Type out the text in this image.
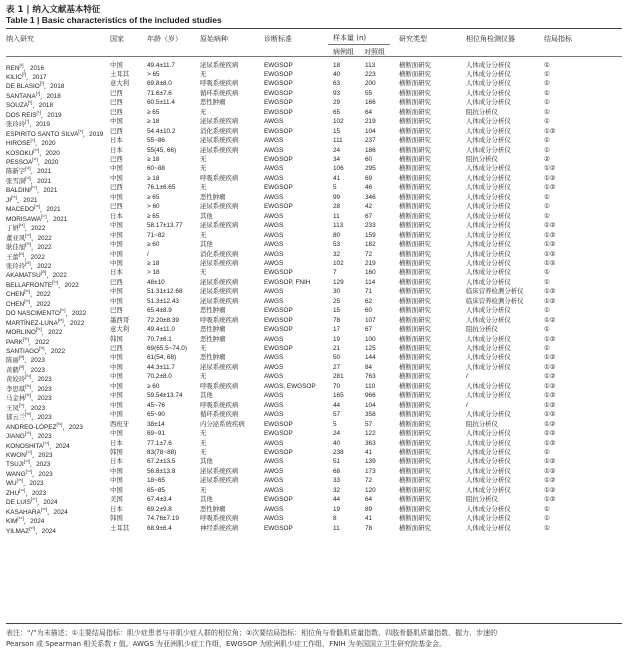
表 1 | 纳入文献基本特征
Table 1 | Basic characteristics of the included studies
纳入研究	国家	年龄（岁）	原始病种	诊断标准	样本量 (n)
病例组 对照组
研究类型	相位角检测仪器	结局指标
REN[¹]，2016	中国	49.4±11.7	泌尿系统疾病	EWGSOP	18	113	横断面研究	人体成分分析仪	①
KILIC[²]，2017	土耳其	> 65	无	EWGSOP	40	223	横断面研究	人体成分分析仪	①
DE BLASIO[³]，2018	意大利	69.8±8.0	呼吸系统疾病	EWGSOP	63	200	横断面研究	人体成分分析仪	①
SANTANA[⁴]，2018	巴西	71.6±7.6	循环系统疾病	EWGSOP	93	55	横断面研究	人体成分分析仪	①
SOUZA[⁵]，2018	巴西	60.5±11.4	恶性肿瘤	EWGSOP	29	166	横断面研究	人体成分分析仪	①
DOS REIS[⁶]，2019	巴西	≥ 65	无	EWGSOP	65	64	横断面研究	阻抗分析仪	①
张玲玲[⁷]，2019	中国	≥ 18	泌尿系统疾病	AWGS	102	219	横断面研究	人体成分分析仪	①
ESPIRITO SANTO SILVA[⁸]，2019 巴西	54.4±10.2	消化系统疾病	EWGSOP	15	104	横断面研究	人体成分分析仪	①②
HIROSE[⁹]，2020	日本	55~86	泌尿系统疾病	AWGS	111	237	横断面研究	人体成分分析仪	①
KOSOKU[¹⁰]，2020	日本	55(45, 66)	泌尿系统疾病	AWGS	24	186	横断面研究	人体成分分析仪	①
PESSOA[¹¹]，2020	巴西	≥ 18	无	EWGSOP	34	60	横断面研究	阻抗分析仪	②
陈新宇[¹²]，2021	中国	60~88	无	AWGS	106	295	横断面研究	人体成分分析仪	①②
张雪洞[¹³]，2021	中国	≥ 18	呼吸系统疾病	AWGS	41	69	横断面研究	人体成分分析仪	①②
BALDINI[¹⁴]，2021	巴西	76.1±6.65	无	EWGSOP	5	46	横断面研究	人体成分分析仪	①②
JI[¹⁵]，2021	中国	≥ 65	恶性肿瘤	AWGS	99	346	横断面研究	人体成分分析仪	①
MACEDO[¹⁶]，2021	巴西	> 60	泌尿系统疾病	EWGSOP	28	42	横断面研究	人体成分分析仪	①
MORISAWA[¹⁷]，2021	日本	≥ 65	其他	AWGS	11	67	横断面研究	人体成分分析仪	①
丁妍[¹⁸]，2022	中国	58.17±13.77	泌尿系统疾病	AWGS	113	233	横断面研究	人体成分分析仪	①②
董亚风[¹⁹]，2022	中国	71~82	无	AWGS	80	159	横断面研究	人体成分分析仪	①②
耿佳旭[²⁰]，2022	中国	≥ 60	其他	AWGS	53	182	横断面研究	人体成分分析仪	①②
王蕾[²¹]，2022	中国	/	消化系统疾病	AWGS	32	72	横断面研究	人体成分分析仪	①②
张玲玲[²²]，2022	中国	≥ 18	泌尿系统疾病	AWGS	102	219	横断面研究	人体成分分析仪	①②
AKAMATSU[²³]，2022	日本	> 18	无	EWGSOP	7	160	横断面研究	人体成分分析仪	①
BELLAFRONTE[²⁴]，2022	巴西	48±10	泌尿系统疾病	EWGSOP, FNIH	129	114	横断面研究	人体成分分析仪	①
CHEN[²⁵]，2022	中国	51.31±12.68	泌尿系统疾病	AWGS	30	71	横断面研究	临床营养检测分析仪	①②
CHEN[²⁶]，2022	中国	51.3±12.43	泌尿系统疾病	AWGS	25	62	横断面研究	临床营养检测分析仪	①②
DO NASCIMENTO[²⁷]，2022	巴西	65.4±8.9	恶性肿瘤	EWGSOP	15	60	横断面研究	人体成分分析仪	①
MARTÍNEZ-LUNA[²⁸]，2022	墨西哥	72.20±8.39	呼吸系统疾病	EWGSOP	78	107	横断面研究	人体成分分析仪	①②
MORLINO[²⁹]，2022	意大利	49.4±11.0	恶性肿瘤	EWGSOP	17	67	横断面研究	阻抗分析仪	①
PARK[³⁰]，2022	韩国	70.7±6.1	恶性肿瘤	AWGS	19	100	横断面研究	人体成分分析仪	①②
SANTIAGO[³¹]，2022	巴西	69(65.5~74.0) 无	EWGSOP	21	125	横断面研究	人体成分分析仪	①
陈丽[³²]，2023	中国	61(54, 68)	恶性肿瘤	AWGS	50	144	横断面研究	人体成分分析仪	①②
黄鹤[³³]，2023	中国	44.3±11.7	泌尿系统疾病	AWGS	27	84	横断面研究	人体成分分析仪	①②
黄姣玲[³⁴]，2023	中国	70.2±8.0	无	AWGS	281	763	横断面研究	/	①②
李思琪[³⁵]，2023	中国	≥ 60	呼吸系统疾病	AWGS, EWGSOP	70	110	横断面研究	人体成分分析仪	①②
马金林[³⁶]，2023	中国	59.54±13.74	其他	AWGS	165	966	横断面研究	人体成分分析仪	①②
王凤[³⁷]，2023	中国	45~76	呼吸系统疾病	AWGS	44	104	横断面研究	/	①②
郁云兰[³⁸]，2023	中国	65~90	循环系统疾病	AWGS	57	358	横断面研究	人体成分分析仪	①②
ANDREO-LÓPEZ[³⁹]，2023	西班牙	38±14	内分泌系统疾病	EWGSOP	5	57	横断面研究	阻抗分析仪	①②
JIANG[⁴⁰]，2023	中国	69~91	无	EWGSOP	24	122	横断面研究	人体成分分析仪	①②
KONOSHITA[⁴¹]，2024	日本	77.1±7.6	无	AWGS	40	363	横断面研究	人体成分分析仪	①②
KWON[⁴²]，2023	韩国	83(78~88)	无	EWGSOP	238	41	横断面研究	人体成分分析仪	①
TSUJI[⁴³]，2023	日本	67.2±13.5	其他	AWGS	51	139	横断面研究	人体成分分析仪	①②
WANG[⁴⁴]，2023	中国	56.8±13.8	泌尿系统疾病	AWGS	68	173	横断面研究	人体成分分析仪	①②
WU[⁴⁵]，2023	中国	18~65	泌尿系统疾病	AWGS	33	72	横断面研究	人体成分分析仪	①②
ZHU[⁴⁶]，2023	中国	65~85	无	AWGS	32	120	横断面研究	人体成分分析仪	①②
DE LUIS[⁴⁷]，2024	美国	67.4±3.4	其他	EWGSOP	44	64	横断面研究	阻抗分析仪	①②
KASAHARA[⁴⁸]，2024	日本	69.2±9.8	恶性肿瘤	AWGS	19	89	横断面研究	人体成分分析仪	①
KIM[⁴⁹]，2024	韩国	74.76±7.19	呼吸系统疾病	AWGS	8	41	横断面研究	人体成分分析仪	①
YILMAZ[⁵⁰]，2024	土耳其	68.9±6.4	神经系统疾病	EWGSOP	11	78	横断面研究	人体成分分析仪	①
表注：“/”为未描述；①主要结局指标：肌少症患者与非肌少症人群的相位角；②次要结局指标：相位角与骨骼肌质量指数、四肢骨骼肌质量指数、握力、步速的
Pearson 或 Spearman 相关系数 r 值。AWGS 为亚洲肌少症工作组，EWGSOP 为欧洲肌少症工作组，FNIH 为美国国立卫生研究院基金会。
